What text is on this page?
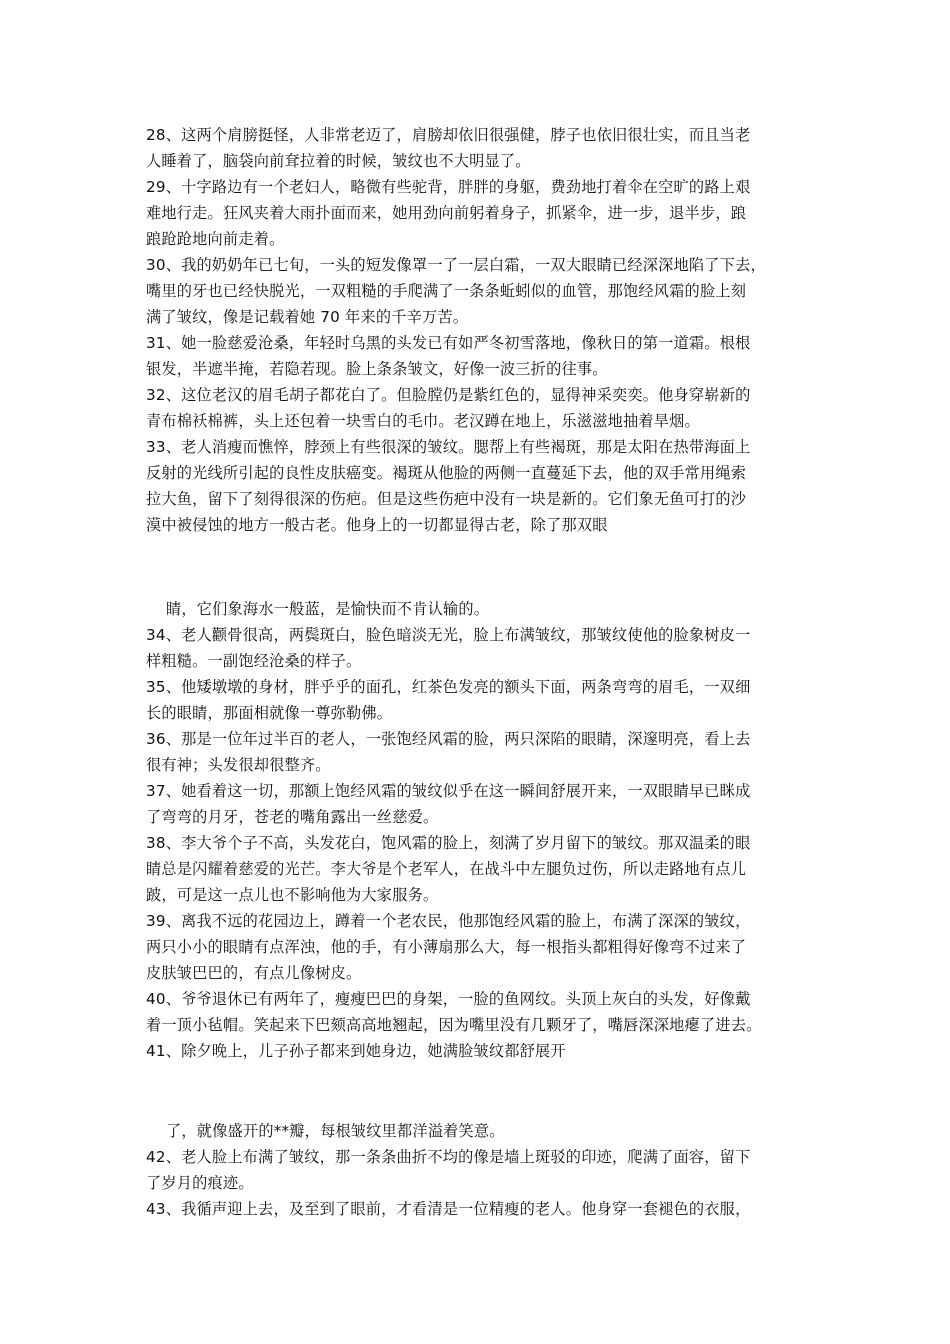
28、这两个肩膀挺怪，人非常老迈了，肩膀却依旧很强健，脖子也依旧很壮实，而且当老
人睡着了，脑袋向前耷拉着的时候，皱纹也不大明显了。
29、十字路边有一个老妇人，略微有些驼背，胖胖的身躯，费劲地打着伞在空旷的路上艰
难地行走。狂风夹着大雨扑面而来，她用劲向前躬着身子，抓紧伞，进一步，退半步，踉
踉跄跄地向前走着。
30、我的奶奶年已七旬，一头的短发像罩一了一层白霜，一双大眼睛已经深深地陷了下去，
嘴里的牙也已经快脱光，一双粗糙的手爬满了一条条蚯蚓似的血管，那饱经风霜的脸上刻
满了皱纹，像是记载着她 70 年来的千辛万苦。
31、她一脸慈爱沧桑，年轻时乌黑的头发已有如严冬初雪落地，像秋日的第一道霜。根根
银发，半遮半掩，若隐若现。脸上条条皱文，好像一波三折的往事。
32、这位老汉的眉毛胡子都花白了。但脸膛仍是紫红色的，显得神采奕奕。他身穿崭新的
青布棉袄棉裤，头上还包着一块雪白的毛巾。老汉蹲在地上，乐滋滋地抽着旱烟。
33、老人消瘦而憔悴，脖颈上有些很深的皱纹。腮帮上有些褐斑，那是太阳在热带海面上
反射的光线所引起的良性皮肤癌变。褐斑从他脸的两侧一直蔓延下去，他的双手常用绳索
拉大鱼，留下了刻得很深的伤疤。但是这些伤疤中没有一块是新的。它们象无鱼可打的沙
漠中被侵蚀的地方一般古老。他身上的一切都显得古老，除了那双眼
睛，它们象海水一般蓝，是愉快而不肯认输的。
34、老人颧骨很高，两鬓斑白，脸色暗淡无光，脸上布满皱纹，那皱纹使他的脸象树皮一
样粗糙。一副饱经沧桑的样子。
35、他矮墩墩的身材，胖乎乎的面孔，红茶色发亮的额头下面，两条弯弯的眉毛，一双细
长的眼睛，那面相就像一尊弥勒佛。
36、那是一位年过半百的老人，一张饱经风霜的脸，两只深陷的眼睛，深邃明亮，看上去
很有神；头发很却很整齐。
37、她看着这一切，那额上饱经风霜的皱纹似乎在这一瞬间舒展开来，一双眼睛早已眯成
了弯弯的月牙，苍老的嘴角露出一丝慈爱。
38、李大爷个子不高，头发花白，饱风霜的脸上，刻满了岁月留下的皱纹。那双温柔的眼
睛总是闪耀着慈爱的光芒。李大爷是个老军人，在战斗中左腿负过伤，所以走路地有点儿
跛，可是这一点儿也不影响他为大家服务。
39、离我不远的花园边上，蹲着一个老农民，他那饱经风霜的脸上，布满了深深的皱纹，
两只小小的眼睛有点浑浊，他的手，有小薄扇那么大，每一根指头都粗得好像弯不过来了
皮肤皱巴巴的，有点儿像树皮。
40、爷爷退休已有两年了，瘦瘦巴巴的身架，一脸的鱼网纹。头顶上灰白的头发，好像戴
着一顶小毡帽。笑起来下巴颏高高地翘起，因为嘴里没有几颗牙了，嘴唇深深地瘪了进去。
41、除夕晚上，儿子孙子都来到她身边，她满脸皱纹都舒展开
了，就像盛开的**瓣，每根皱纹里都洋溢着笑意。
42、老人脸上布满了皱纹，那一条条曲折不均的像是墙上斑驳的印迹，爬满了面容，留下
了岁月的痕迹。
43、我循声迎上去，及至到了眼前，才看清是一位精瘦的老人。他身穿一套褪色的衣服，
